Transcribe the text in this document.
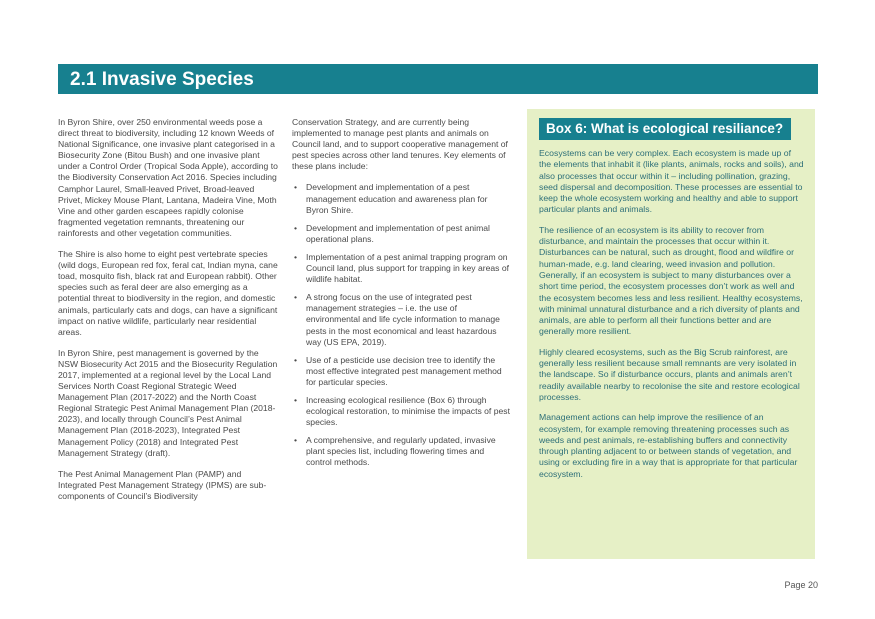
2.1 Invasive Species

In Byron Shire, over 250 environmental weeds pose a direct threat to biodiversity, including 12 known Weeds of National Significance, one invasive plant categorised in a Biosecurity Zone (Bitou Bush) and one invasive plant under a Control Order (Tropical Soda Apple), according to the Biodiversity Conservation Act 2016. Species including Camphor Laurel, Small-leaved Privet, Broad-leaved Privet, Mickey Mouse Plant, Lantana, Madeira Vine, Moth Vine and other garden escapees rapidly colonise fragmented vegetation remnants, threatening our rainforests and other vegetation communities.

The Shire is also home to eight pest vertebrate species (wild dogs, European red fox, feral cat, Indian myna, cane toad, mosquito fish, black rat and European rabbit). Other species such as feral deer are also emerging as a potential threat to biodiversity in the region, and domestic animals, particularly cats and dogs, can have a significant impact on native wildlife, particularly near residential areas.

In Byron Shire, pest management is governed by the NSW Biosecurity Act 2015 and the Biosecurity Regulation 2017, implemented at a regional level by the Local Land Services North Coast Regional Strategic Weed Management Plan (2017-2022) and the North Coast Regional Strategic Pest Animal Management Plan (2018-2023), and locally through Council’s Pest Animal Management Plan (2018-2023), Integrated Pest Management Policy (2018) and Integrated Pest Management Strategy (draft).

The Pest Animal Management Plan (PAMP) and Integrated Pest Management Strategy (IPMS) are sub-components of Council’s Biodiversity

Conservation Strategy, and are currently being implemented to manage pest plants and animals on Council land, and to support cooperative management of pest species across other land tenures. Key elements of these plans include:

• Development and implementation of a pest management education and awareness plan for Byron Shire.
• Development and implementation of pest animal operational plans.
• Implementation of a pest animal trapping program on Council land, plus support for trapping in key areas of wildlife habitat.
• A strong focus on the use of integrated pest management strategies – i.e. the use of environmental and life cycle information to manage pests in the most economical and least hazardous way (US EPA, 2019).
• Use of a pesticide use decision tree to identify the most effective integrated pest management method for particular species.
• Increasing ecological resilience (Box 6) through ecological restoration, to minimise the impacts of pest species.
• A comprehensive, and regularly updated, invasive plant species list, including flowering times and control methods.
Box 6: What is ecological resiliance?

Ecosystems can be very complex. Each ecosystem is made up of the elements that inhabit it (like plants, animals, rocks and soils), and also processes that occur within it – including pollination, grazing, seed dispersal and decomposition. These processes are essential to keep the whole ecosystem working and healthy and able to support particular plants and animals.

The resilience of an ecosystem is its ability to recover from disturbance, and maintain the processes that occur within it. Disturbances can be natural, such as drought, flood and wildfire or human-made, e.g. land clearing, weed invasion and pollution. Generally, if an ecosystem is subject to many disturbances over a short time period, the ecosystem processes don’t work as well and the ecosystem becomes less and less resilient. Healthy ecosystems, with minimal unnatural disturbance and a rich diversity of plants and animals, are able to perform all their functions better and are generally more resilient.

Highly cleared ecosystems, such as the Big Scrub rainforest, are generally less resilient because small remnants are very isolated in the landscape. So if disturbance occurs, plants and animals aren’t readily available nearby to recolonise the site and restore ecological processes.

Management actions can help improve the resilience of an ecosystem, for example removing threatening processes such as weeds and pest animals, re-establishing buffers and connectivity through planting adjacent to or between stands of vegetation, and using or excluding fire in a way that is appropriate for that particular ecosystem.

Page 20
